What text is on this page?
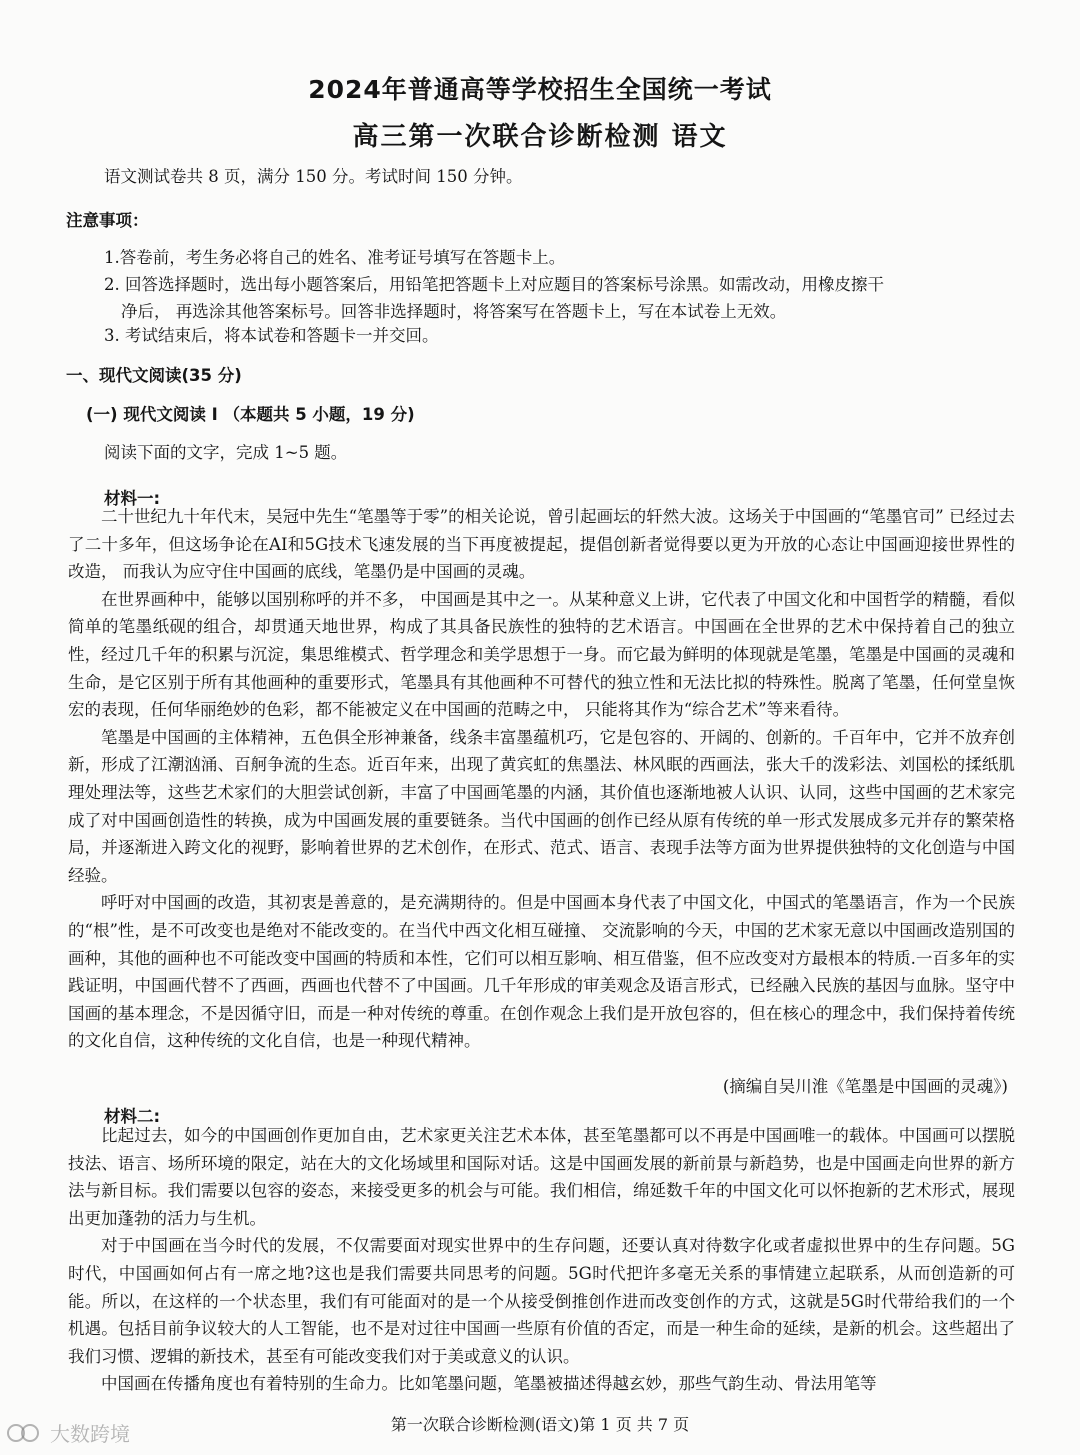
2024年普通高等学校招生全国统一考试
高三第一次联合诊断检测 语文
语文测试卷共 8 页，满分 150 分。考试时间 150 分钟。
注意事项：
1.答卷前，考生务必将自己的姓名、准考证号填写在答题卡上。
2. 回答选择题时，选出每小题答案后，用铅笔把答题卡上对应题目的答案标号涂黑。如需改动，用橡皮擦干
净后， 再选涂其他答案标号。回答非选择题时，将答案写在答题卡上，写在本试卷上无效。
3. 考试结束后，将本试卷和答题卡一并交回。
一、现代文阅读(35 分)
(一) 现代文阅读 I （本题共 5 小题，19 分)
阅读下面的文字，完成 1~5 题。
材料一:

二十世纪九十年代末，吴冠中先生“笔墨等于零”的相关论说，曾引起画坛的轩然大波。这场关于中国画的“笔墨官司” 已经过去了二十多年，但这场争论在AI和5G技术飞速发展的当下再度被提起，提倡创新者觉得要以更为开放的心态让中国画迎接世界性的改造， 而我认为应守住中国画的底线，笔墨仍是中国画的灵魂。

在世界画种中，能够以国别称呼的并不多， 中国画是其中之一。从某种意义上讲，它代表了中国文化和中国哲学的精髓，看似简单的笔墨纸砚的组合，却贯通天地世界，构成了其具备民族性的独特的艺术语言。中国画在全世界的艺术中保持着自己的独立性，经过几千年的积累与沉淀，集思维模式、哲学理念和美学思想于一身。而它最为鲜明的体现就是笔墨，笔墨是中国画的灵魂和生命，是它区别于所有其他画种的重要形式，笔墨具有其他画种不可替代的独立性和无法比拟的特殊性。脱离了笔墨，任何堂皇恢宏的表现，任何华丽绝妙的色彩，都不能被定义在中国画的范畴之中， 只能将其作为“综合艺术”等来看待。

笔墨是中国画的主体精神，五色俱全形神兼备，线条丰富墨蕴机巧，它是包容的、开阔的、创新的。千百年中，它并不放弃创新，形成了江潮汹涌、百舸争流的生态。近百年来，出现了黄宾虹的焦墨法、林风眠的西画法，张大千的泼彩法、刘国松的揉纸肌理处理法等，这些艺术家们的大胆尝试创新，丰富了中国画笔墨的内涵，其价值也逐渐地被人认识、认同，这些中国画的艺术家完成了对中国画创造性的转换，成为中国画发展的重要链条。当代中国画的创作已经从原有传统的单一形式发展成多元并存的繁荣格局，并逐渐进入跨文化的视野，影响着世界的艺术创作，在形式、范式、语言、表现手法等方面为世界提供独特的文化创造与中国经验。

呼吁对中国画的改造，其初衷是善意的，是充满期待的。但是中国画本身代表了中国文化，中国式的笔墨语言，作为一个民族的“根”性，是不可改变也是绝对不能改变的。在当代中西文化相互碰撞、 交流影响的今天，中国的艺术家无意以中国画改造别国的画种，其他的画种也不可能改变中国画的特质和本性，它们可以相互影响、相互借鉴，但不应改变对方最根本的特质.一百多年的实践证明，中国画代替不了西画，西画也代替不了中国画。几千年形成的审美观念及语言形式，已经融入民族的基因与血脉。坚守中国画的基本理念，不是因循守旧，而是一种对传统的尊重。在创作观念上我们是开放包容的，但在核心的理念中，我们保持着传统的文化自信，这种传统的文化自信，也是一种现代精神。

(摘编自吴川淮《笔墨是中国画的灵魂》)
材料二:

比起过去，如今的中国画创作更加自由，艺术家更关注艺术本体，甚至笔墨都可以不再是中国画唯一的载体。中国画可以摆脱技法、语言、场所环境的限定，站在大的文化场域里和国际对话。这是中国画发展的新前景与新趋势，也是中国画走向世界的新方法与新目标。我们需要以包容的姿态，来接受更多的机会与可能。我们相信，绵延数千年的中国文化可以怀抱新的艺术形式，展现出更加蓬勃的活力与生机。

对于中国画在当今时代的发展，不仅需要面对现实世界中的生存问题，还要认真对待数字化或者虚拟世界中的生存问题。5G时代，中国画如何占有一席之地?这也是我们需要共同思考的问题。5G时代把许多毫无关系的事情建立起联系，从而创造新的可能。所以，在这样的一个状态里，我们有可能面对的是一个从接受倒推创作进而改变创作的方式，这就是5G时代带给我们的一个机遇。包括目前争议较大的人工智能，也不是对过往中国画一些原有价值的否定，而是一种生命的延续，是新的机会。这些超出了我们习惯、逻辑的新技术，甚至有可能改变我们对于美或意义的认识。

中国画在传播角度也有着特别的生命力。比如笔墨问题，笔墨被描述得越玄妙，那些气韵生动、骨法用笔等

第一次联合诊断检测(语文)第 1 页 共 7 页
大数跨境
